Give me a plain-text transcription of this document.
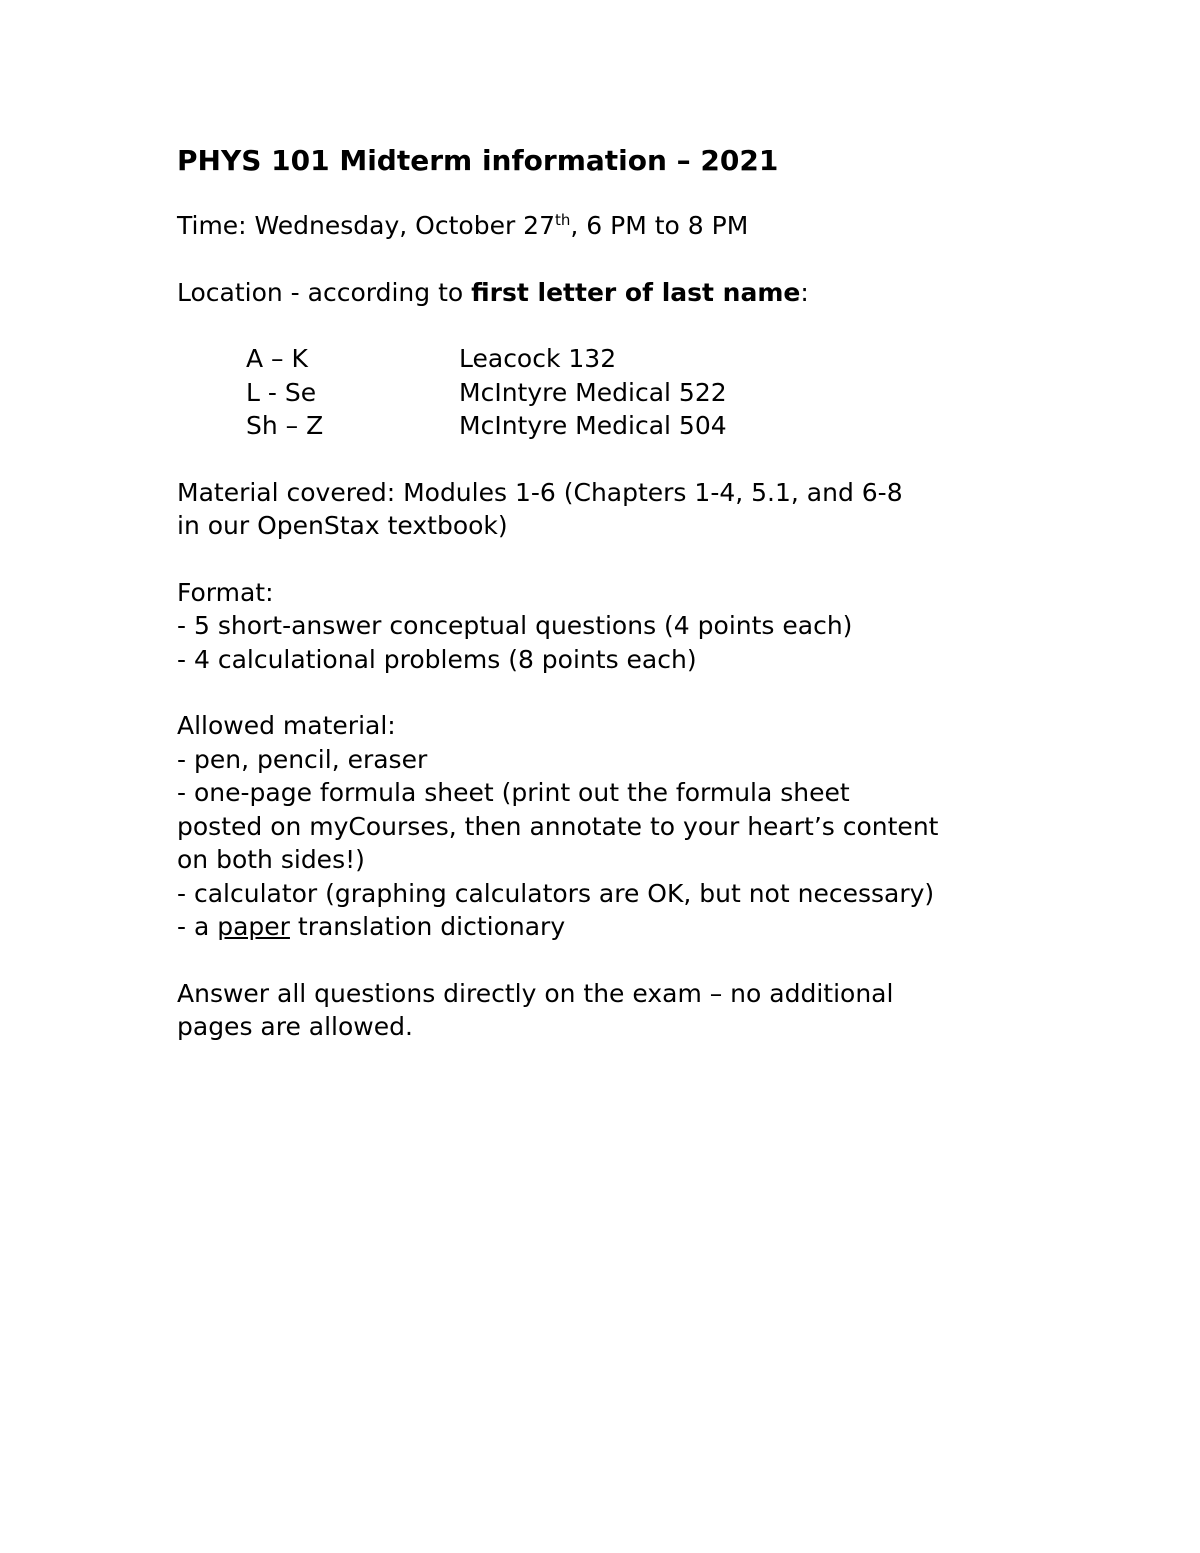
PHYS 101 Midterm information – 2021

Time: Wednesday, October 27th, 6 PM to 8 PM

Location - according to first letter of last name:

A – K	Leacock 132
L - Se	McIntyre Medical 522
Sh – Z	McIntyre Medical 504

Material covered: Modules 1-6 (Chapters 1-4, 5.1, and 6-8

in our OpenStax textbook)

Format:

- 5 short-answer conceptual questions (4 points each)

- 4 calculational problems (8 points each)

Allowed material:

- pen, pencil, eraser

- one-page formula sheet (print out the formula sheet

posted on myCourses, then annotate to your heart’s content

on both sides!)

- calculator (graphing calculators are OK, but not necessary)

- a paper translation dictionary

Answer all questions directly on the exam – no additional

pages are allowed.
